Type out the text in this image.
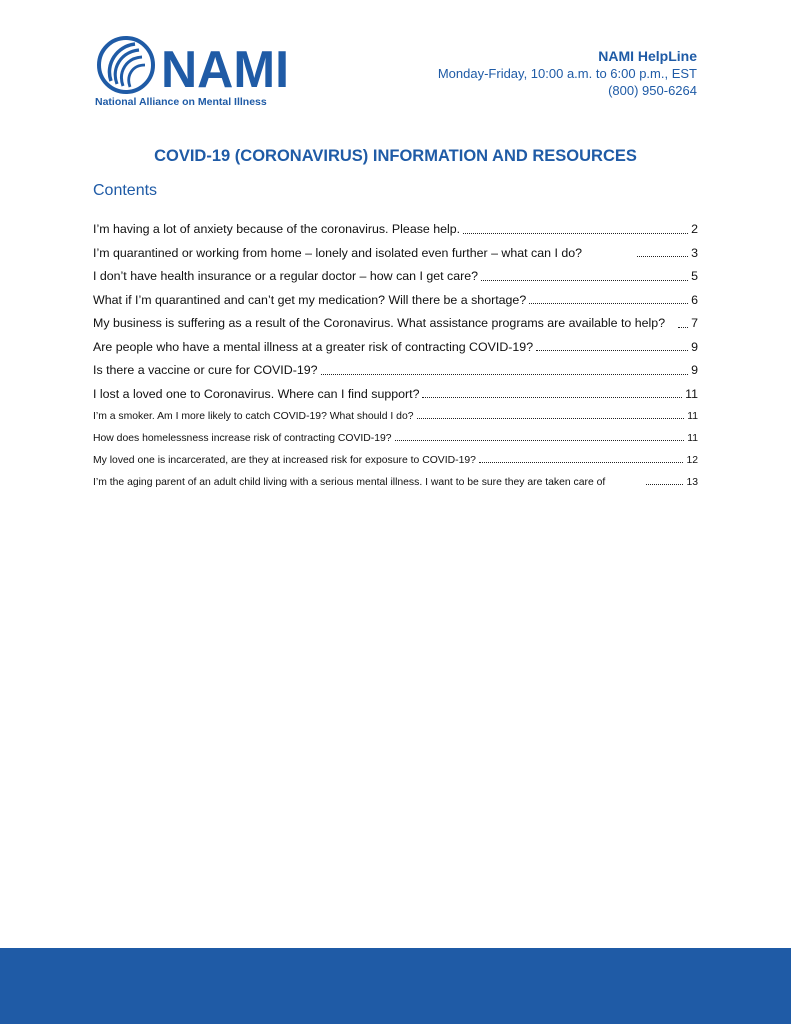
NAMI
National Alliance on Mental Illness
NAMI HelpLine
Monday-Friday, 10:00 a.m. to 6:00 p.m., EST
(800) 950-6264
COVID-19 (CORONAVIRUS) INFORMATION AND RESOURCES
Contents
I’m having a lot of anxiety because of the coronavirus. Please help.	2
I’m quarantined or working from home – lonely and isolated even further – what can I do?	3
I don’t have health insurance or a regular doctor – how can I get care?	5
What if I’m quarantined and can’t get my medication? Will there be a shortage?	6
My business is suffering as a result of the Coronavirus. What assistance programs are available to help?	7
Are people who have a mental illness at a greater risk of contracting COVID-19?	9
Is there a vaccine or cure for COVID-19?	9
I lost a loved one to Coronavirus. Where can I find support?	11
I’m a smoker. Am I more likely to catch COVID-19? What should I do?	11
How does homelessness increase risk of contracting COVID-19?	11
My loved one is incarcerated, are they at increased risk for exposure to COVID-19?	12
I’m the aging parent of an adult child living with a serious mental illness. I want to be sure they are taken care of	13
